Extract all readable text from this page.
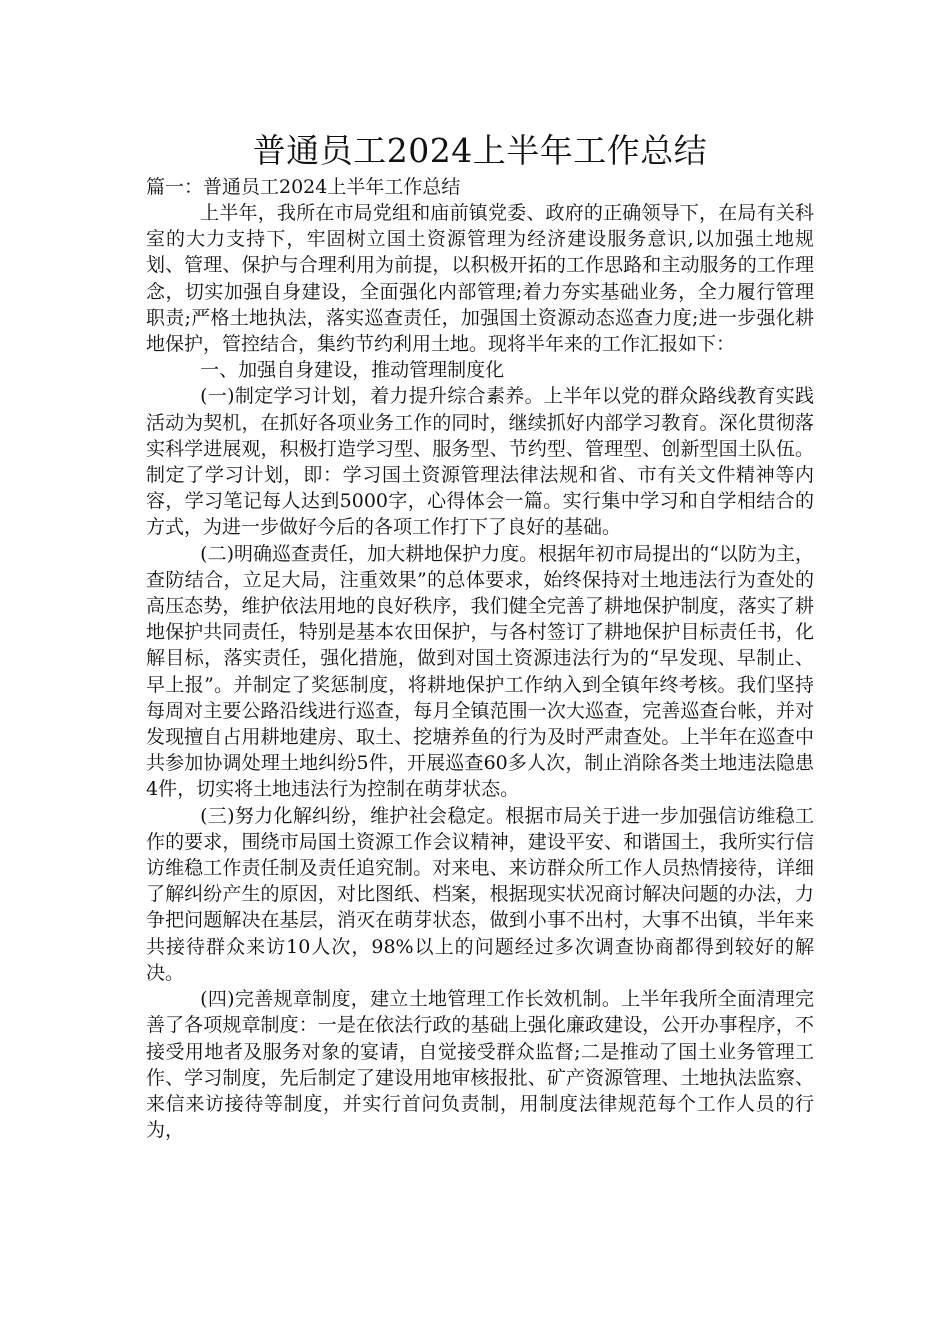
普通员工2024上半年工作总结

篇一：普通员工2024上半年工作总结

上半年，我所在市局党组和庙前镇党委、政府的正确领导下，在局有关科室的大力支持下，牢固树立国土资源管理为经济建设服务意识,以加强土地规划、管理、保护与合理利用为前提，以积极开拓的工作思路和主动服务的工作理念，切实加强自身建设，全面强化内部管理;着力夯实基础业务，全力履行管理职责;严格土地执法，落实巡查责任，加强国土资源动态巡查力度;进一步强化耕地保护，管控结合，集约节约利用土地。现将半年来的工作汇报如下：

一、加强自身建设，推动管理制度化

(一)制定学习计划，着力提升综合素养。上半年以党的群众路线教育实践活动为契机，在抓好各项业务工作的同时，继续抓好内部学习教育。深化贯彻落实科学进展观，积极打造学习型、服务型、节约型、管理型、创新型国土队伍。制定了学习计划，即：学习国土资源管理法律法规和省、市有关文件精神等内容，学习笔记每人达到5000字，心得体会一篇。实行集中学习和自学相结合的方式，为进一步做好今后的各项工作打下了良好的基础。

(二)明确巡查责任，加大耕地保护力度。根据年初市局提出的“以防为主，查防结合，立足大局，注重效果”的总体要求，始终保持对土地违法行为查处的高压态势，维护依法用地的良好秩序，我们健全完善了耕地保护制度，落实了耕地保护共同责任，特别是基本农田保护，与各村签订了耕地保护目标责任书，化解目标，落实责任，强化措施，做到对国土资源违法行为的“早发现、早制止、早上报”。并制定了奖惩制度，将耕地保护工作纳入到全镇年终考核。我们坚持每周对主要公路沿线进行巡查，每月全镇范围一次大巡查，完善巡查台帐，并对发现擅自占用耕地建房、取土、挖塘养鱼的行为及时严肃查处。上半年在巡查中共参加协调处理土地纠纷5件，开展巡查60多人次，制止消除各类土地违法隐患4件，切实将土地违法行为控制在萌芽状态。

(三)努力化解纠纷，维护社会稳定。根据市局关于进一步加强信访维稳工作的要求，围绕市局国土资源工作会议精神，建设平安、和谐国土，我所实行信访维稳工作责任制及责任追究制。对来电、来访群众所工作人员热情接待，详细了解纠纷产生的原因，对比图纸、档案，根据现实状况商讨解决问题的办法，力争把问题解决在基层，消灭在萌芽状态，做到小事不出村，大事不出镇，半年来共接待群众来访10人次，98%以上的问题经过多次调查协商都得到较好的解决。

(四)完善规章制度，建立土地管理工作长效机制。上半年我所全面清理完善了各项规章制度：一是在依法行政的基础上强化廉政建设，公开办事程序，不接受用地者及服务对象的宴请，自觉接受群众监督;二是推动了国土业务管理工作、学习制度，先后制定了建设用地审核报批、矿产资源管理、土地执法监察、来信来访接待等制度，并实行首问负责制，用制度法律规范每个工作人员的行为，
